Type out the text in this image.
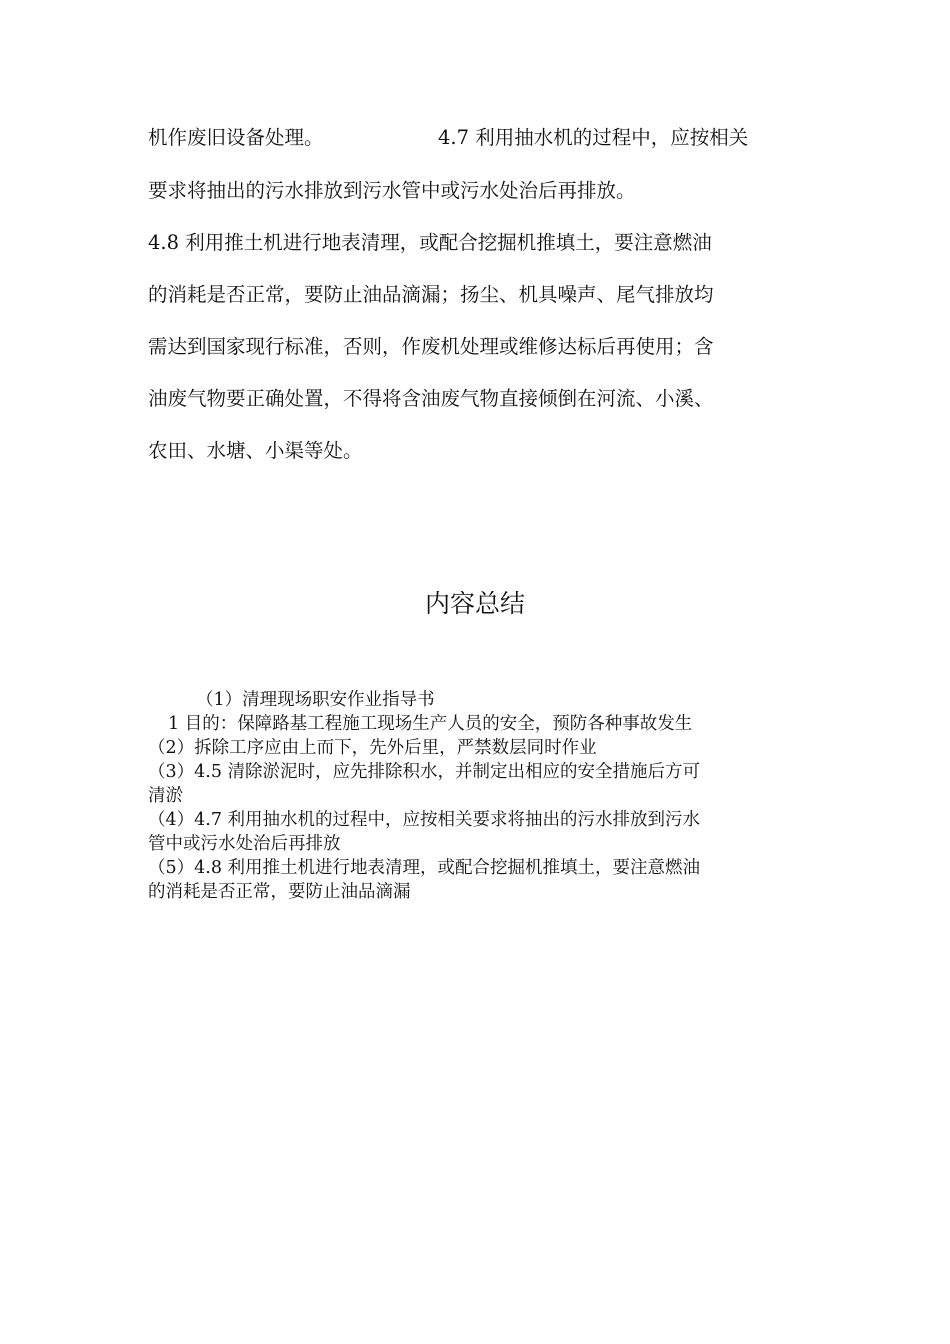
机作废旧设备处理。	4.7 利用抽水机的过程中，应按相关
要求将抽出的污水排放到污水管中或污水处治后再排放。
4.8 利用推土机进行地表清理，或配合挖掘机推填土，要注意燃油
的消耗是否正常，要防止油品滴漏；扬尘、机具噪声、尾气排放均
需达到国家现行标准，否则，作废机处理或维修达标后再使用；含
油废气物要正确处置，不得将含油废气物直接倾倒在河流、小溪、
农田、水塘、小渠等处。
内容总结
（1）清理现场职安作业指导书
1 目的：保障路基工程施工现场生产人员的安全，预防各种事故发生
（2）拆除工序应由上而下，先外后里，严禁数层同时作业
（3）4.5 清除淤泥时，应先排除积水，并制定出相应的安全措施后方可
清淤
（4）4.7 利用抽水机的过程中，应按相关要求将抽出的污水排放到污水
管中或污水处治后再排放
（5）4.8 利用推土机进行地表清理，或配合挖掘机推填土，要注意燃油
的消耗是否正常，要防止油品滴漏
